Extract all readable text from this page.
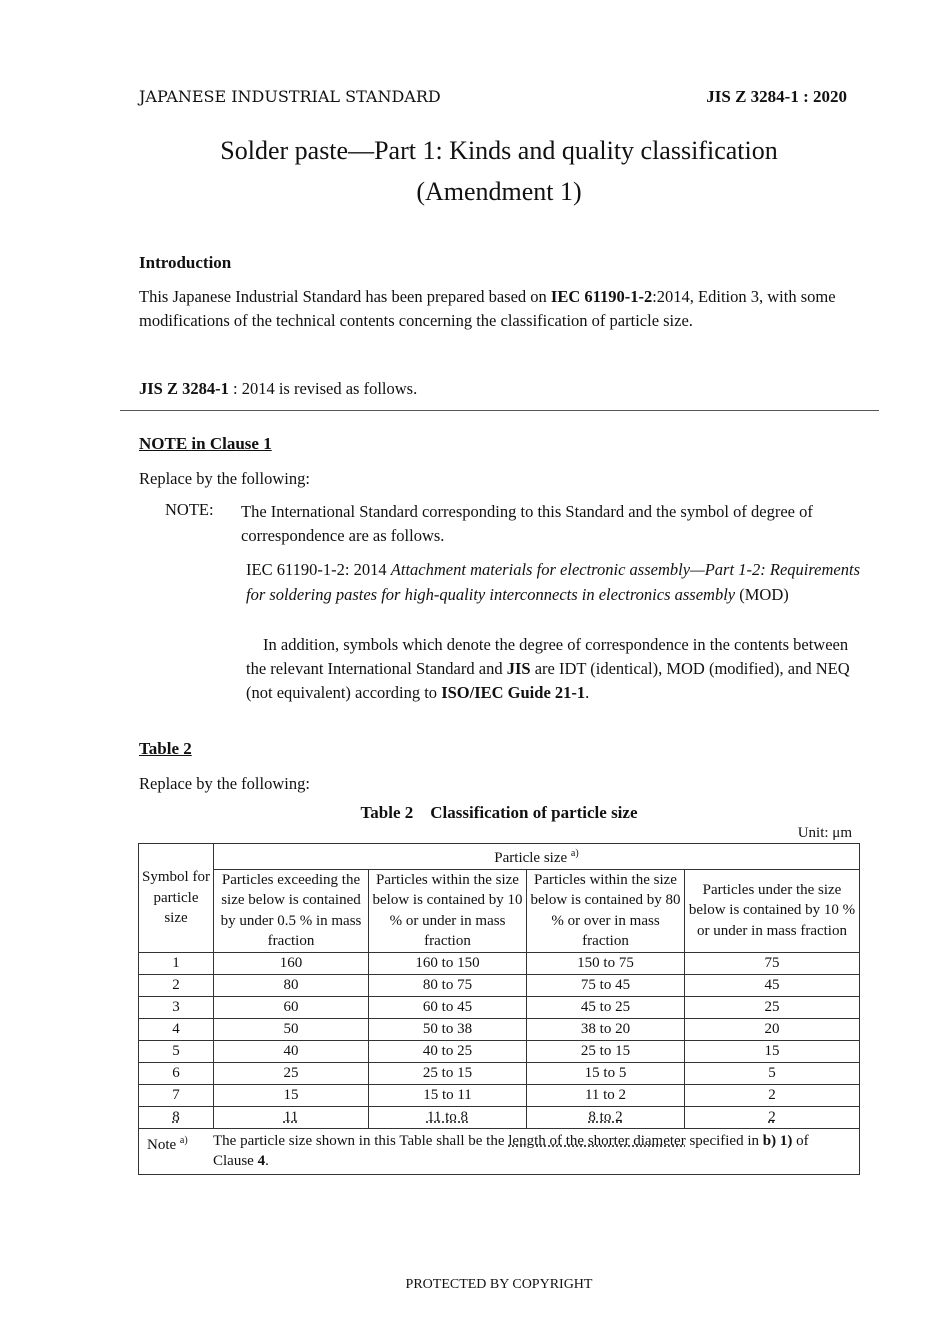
JAPANESE INDUSTRIAL STANDARD	JIS Z 3284-1 : 2020
Solder paste—Part 1: Kinds and quality classification
(Amendment 1)
Introduction
This Japanese Industrial Standard has been prepared based on IEC 61190-1-2:2014, Edition 3, with some modifications of the technical contents concerning the classification of particle size.
JIS Z 3284-1 : 2014 is revised as follows.
NOTE in Clause 1
Replace by the following:
NOTE: The International Standard corresponding to this Standard and the symbol of degree of correspondence are as follows.
IEC 61190-1-2: 2014 Attachment materials for electronic assembly—Part 1-2: Requirements for soldering pastes for high-quality interconnects in electronics assembly (MOD)
In addition, symbols which denote the degree of correspondence in the contents between the relevant International Standard and JIS are IDT (identical), MOD (modified), and NEQ (not equivalent) according to ISO/IEC Guide 21-1.
Table 2
Replace by the following:
Table 2 Classification of particle size
Unit: μm
Symbol for particle size	Particle size $^{a)}$
	Particles exceeding the size below is contained by under 0.5 % in mass fraction	Particles within the size below is contained by 10 % or under in mass fraction	Particles within the size below is contained by 80 % or over in mass fraction	Particles under the size below is contained by 10 % or under in mass fraction
1	160	160 to 150	150 to 75	75
2	80	80 to 75	75 to 45	45
3	60	60 to 45	45 to 25	25
4	50	50 to 38	38 to 20	20
5	40	40 to 25	25 to 15	15
6	25	25 to 15	15 to 5	5
7	15	15 to 11	11 to 2	2
8	11	11 to 8	8 to 2	2
Note $^{a)}$ The particle size shown in this Table shall be the length of the shorter diameter specified in b) 1) of Clause 4.				
PROTECTED BY COPYRIGHT
